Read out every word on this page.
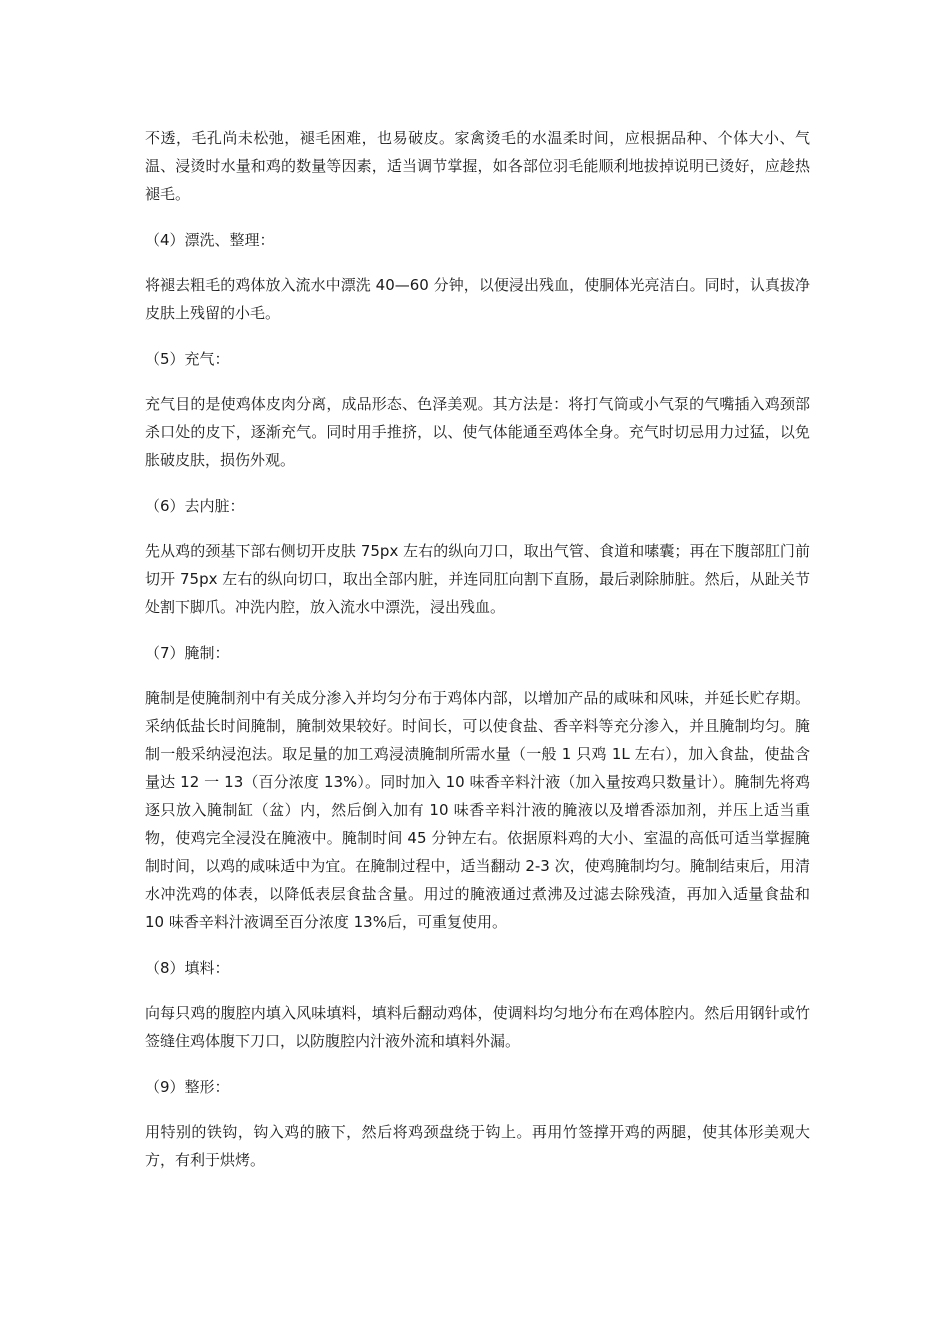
不透，毛孔尚未松弛，褪毛困难，也易破皮。家禽烫毛的水温柔时间，应根据品种、个体大小、气温、浸烫时水量和鸡的数量等因素，适当调节掌握，如各部位羽毛能顺利地拔掉说明已烫好，应趁热褪毛。

（4）漂洗、整理：

将褪去粗毛的鸡体放入流水中漂洗 40—60 分钟，以便浸出残血，使胴体光亮洁白。同时，认真拔净皮肤上残留的小毛。

（5）充气：

充气目的是使鸡体皮肉分离，成品形态、色泽美观。其方法是：将打气筒或小气泵的气嘴插入鸡颈部杀口处的皮下，逐渐充气。同时用手推挤，以、使气体能通至鸡体全身。充气时切忌用力过猛，以免胀破皮肤，损伤外观。

（6）去内脏：

先从鸡的颈基下部右侧切开皮肤 75px 左右的纵向刀口，取出气管、食道和嗉囊；再在下腹部肛门前切开 75px 左右的纵向切口，取出全部内脏，并连同肛向割下直肠，最后剥除肺脏。然后，从趾关节处割下脚爪。冲洗内腔，放入流水中漂洗，浸出残血。

（7）腌制：

腌制是使腌制剂中有关成分渗入并均匀分布于鸡体内部，以增加产品的咸味和风味，并延长贮存期。采纳低盐长时间腌制，腌制效果较好。时间长，可以使食盐、香辛料等充分渗入，并且腌制均匀。腌制一般采纳浸泡法。取足量的加工鸡浸渍腌制所需水量（一般 1 只鸡 1L 左右），加入食盐，使盐含量达 12 一 13（百分浓度 13%）。同时加入 10 味香辛料汁液（加入量按鸡只数量计）。腌制先将鸡逐只放入腌制缸（盆）内，然后倒入加有 10 味香辛料汁液的腌液以及增香添加剂，并压上适当重物，使鸡完全浸没在腌液中。腌制时间 45 分钟左右。依据原料鸡的大小、室温的高低可适当掌握腌制时间，以鸡的咸味适中为宜。在腌制过程中，适当翻动 2-3 次，使鸡腌制均匀。腌制结束后，用清水冲洗鸡的体表，以降低表层食盐含量。用过的腌液通过煮沸及过滤去除残渣，再加入适量食盐和 10 味香辛料汁液调至百分浓度 13%后，可重复使用。

（8）填料：

向每只鸡的腹腔内填入风味填料，填料后翻动鸡体，使调料均匀地分布在鸡体腔内。然后用钢针或竹签缝住鸡体腹下刀口，以防腹腔内汁液外流和填料外漏。

（9）整形：

用特别的铁钩，钩入鸡的腋下，然后将鸡颈盘绕于钩上。再用竹签撑开鸡的两腿，使其体形美观大方，有利于烘烤。
